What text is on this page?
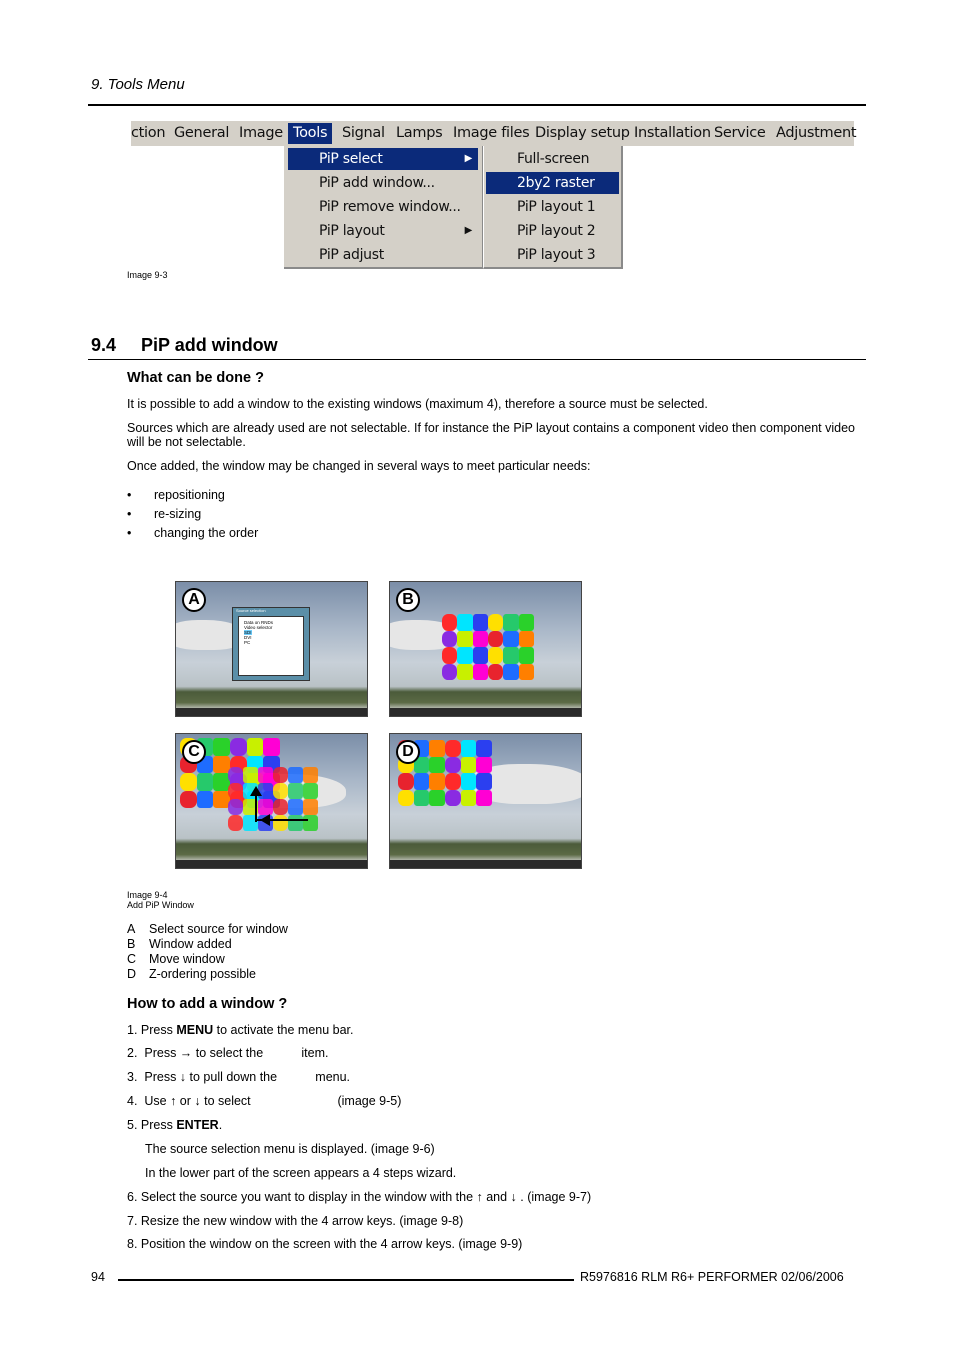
9. Tools Menu
ction General Image Tools	Signal Lamps Image files Display setup Installation Service Adjustment
PiP select	▶
PiP add window...
PiP remove window...
PiP layout	▶
PiP adjust
Full-screen
2by2 raster
PiP layout 1
PiP layout 2
PiP layout 3
Image 9-3
9.4 PiP add window
What can be done ?
It is possible to add a window to the existing windows (maximum 4), therefore a source must be selected.
Sources which are already used are not selectable. If for instance the PiP layout contains a component video then component video will be not selectable.
Once added, the window may be changed in several ways to meet particular needs:
• repositioning
• re-sizing
• changing the order
A
Source selection
Data on RNDs
Video selector
SDI
DVI
PC
B
C	D
Image 9-4
Add PiP Window
A Select source for window
B Window added
C Move window
D Z-ordering possible
How to add a window ?
1. Press MENU to activate the menu bar.
2.  Press → to select the           item.
3.  Press ↓ to pull down the           menu.
4.  Use ↑ or ↓ to select                         (image 9-5)
5. Press ENTER.
The source selection menu is displayed. (image 9-6)
In the lower part of the screen appears a 4 steps wizard.
6. Select the source you want to display in the window with the ↑ and ↓ . (image 9-7)
7. Resize the new window with the 4 arrow keys. (image 9-8)
8. Position the window on the screen with the 4 arrow keys. (image 9-9)
94	R5976816 RLM R6+ PERFORMER 02/06/2006
